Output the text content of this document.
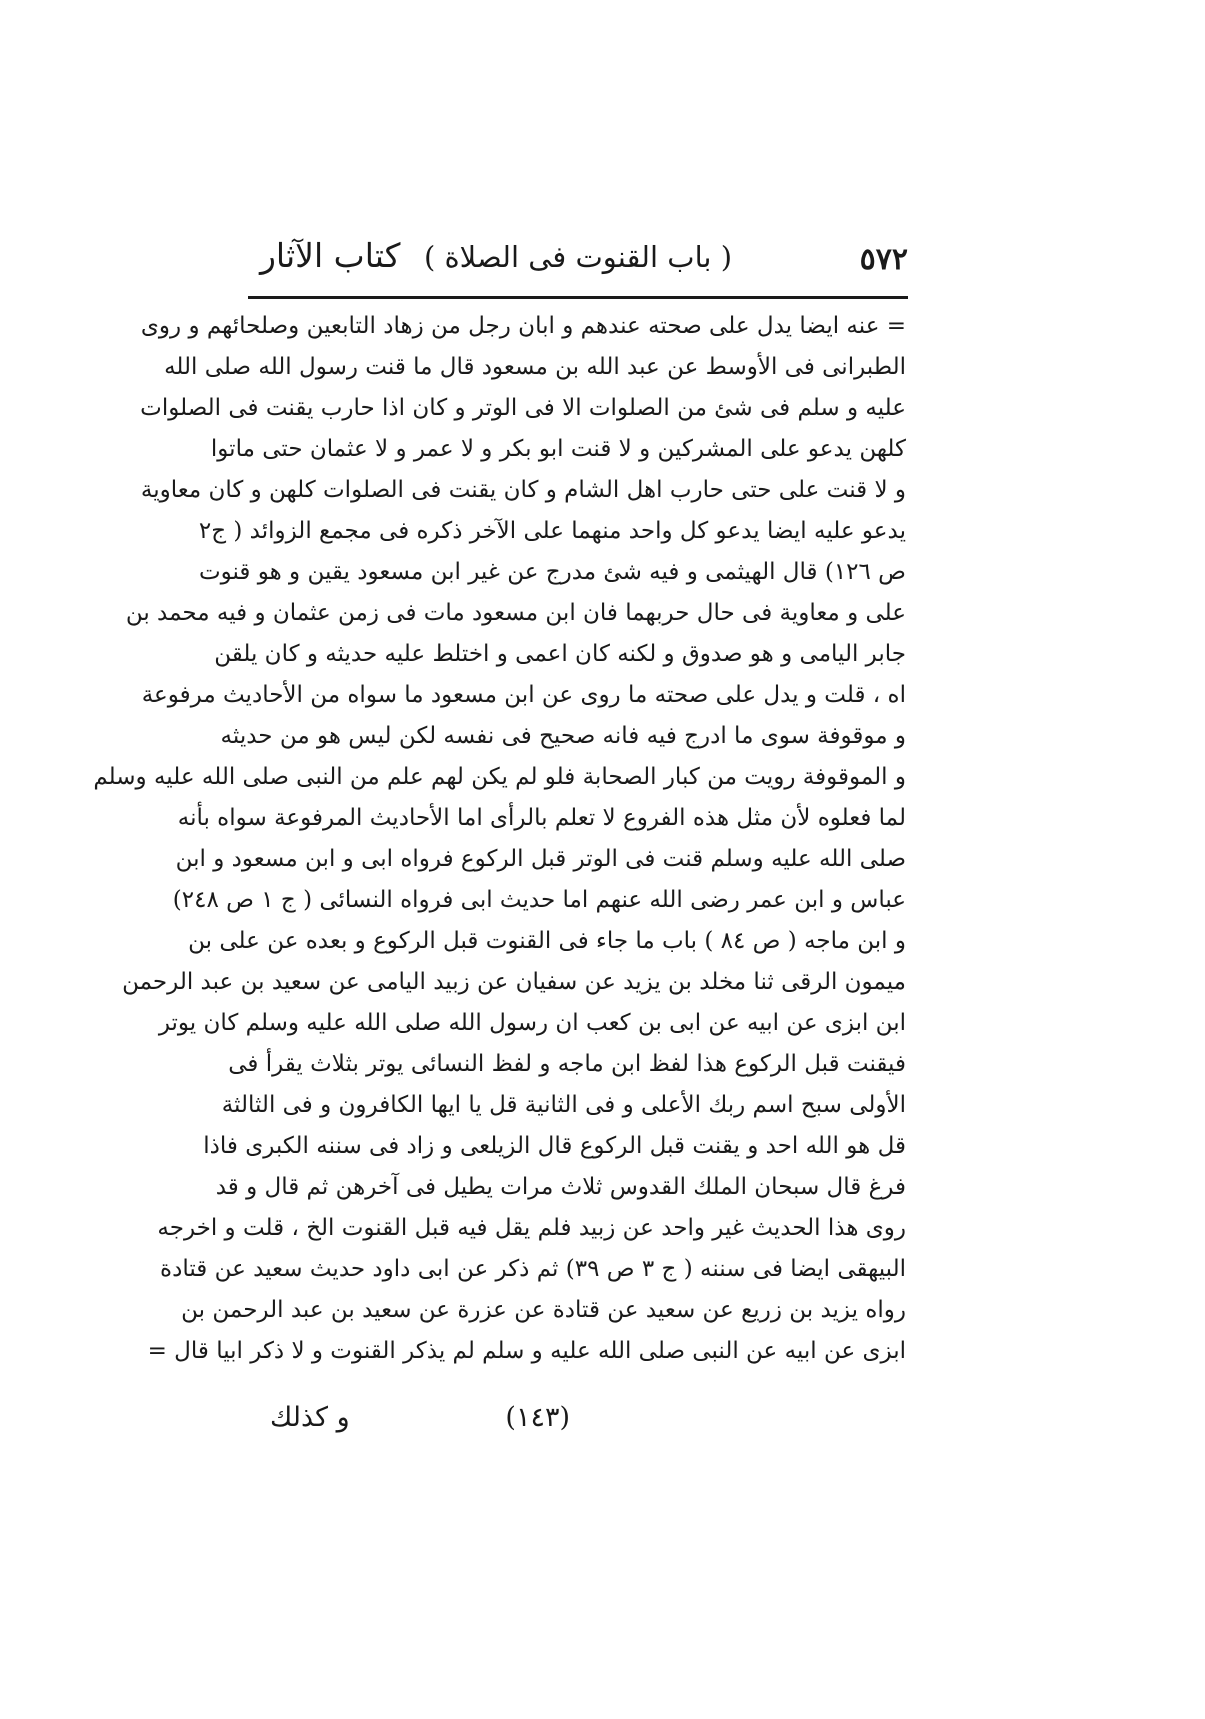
٥٧٢
( باب القنوت فى الصلاة )
كتاب الآثار
= عنه ايضا يدل على صحته عندهم و ابان رجل من زهاد التابعين وصلحائهم و روى
الطبرانى فى الأوسط عن عبد الله بن مسعود قال ما قنت رسول الله صلى الله
عليه و سلم فى شئ من الصلوات الا فى الوتر و كان اذا حارب يقنت فى الصلوات
كلهن يدعو على المشركين و لا قنت ابو بكر و لا عمر و لا عثمان حتى ماتوا
و لا قنت على حتى حارب اهل الشام و كان يقنت فى الصلوات كلهن و كان معاوية
يدعو عليه ايضا يدعو كل واحد منهما على الآخر ذكره فى مجمع الزوائد ( ج٢
ص ١٢٦) قال الهيثمى و فيه شئ مدرج عن غير ابن مسعود يقين و هو قنوت
على و معاوية فى حال حربهما فان ابن مسعود مات فى زمن عثمان و فيه محمد بن
جابر اليامى و هو صدوق و لكنه كان اعمى و اختلط عليه حديثه و كان يلقن
اه ، قلت و يدل على صحته ما روى عن ابن مسعود ما سواه من الأحاديث مرفوعة
و موقوفة سوى ما ادرج فيه فانه صحيح فى نفسه لكن ليس هو من حديثه
و الموقوفة رويت من كبار الصحابة فلو لم يكن لهم علم من النبى صلى الله عليه وسلم
لما فعلوه لأن مثل هذه الفروع لا تعلم بالرأى اما الأحاديث المرفوعة سواه بأنه
صلى الله عليه وسلم قنت فى الوتر قبل الركوع فرواه ابى و ابن مسعود و ابن
عباس و ابن عمر رضى الله عنهم اما حديث ابى فرواه النسائى ( ج ١ ص ٢٤٨)
و ابن ماجه ( ص ٨٤ ) باب ما جاء فى القنوت قبل الركوع و بعده عن على بن
ميمون الرقى ثنا مخلد بن يزيد عن سفيان عن زبيد اليامى عن سعيد بن عبد الرحمن
ابن ابزى عن ابيه عن ابى بن كعب ان رسول الله صلى الله عليه وسلم كان يوتر
فيقنت قبل الركوع هذا لفظ ابن ماجه و لفظ النسائى يوتر بثلاث يقرأ فى
الأولى سبح اسم ربك الأعلى و فى الثانية قل يا ايها الكافرون و فى الثالثة
قل هو الله احد و يقنت قبل الركوع قال الزيلعى و زاد فى سننه الكبرى فاذا
فرغ قال سبحان الملك القدوس ثلاث مرات يطيل فى آخرهن ثم قال و قد
روى هذا الحديث غير واحد عن زبيد فلم يقل فيه قبل القنوت الخ ، قلت و اخرجه
البيهقى ايضا فى سننه ( ج ٣ ص ٣٩) ثم ذكر عن ابى داود حديث سعيد عن قتادة
رواه يزيد بن زريع عن سعيد عن قتادة عن عزرة عن سعيد بن عبد الرحمن بن
ابزى عن ابيه عن النبى صلى الله عليه و سلم لم يذكر القنوت و لا ذكر ابيا قال =
(١٤٣)
و كذلك
